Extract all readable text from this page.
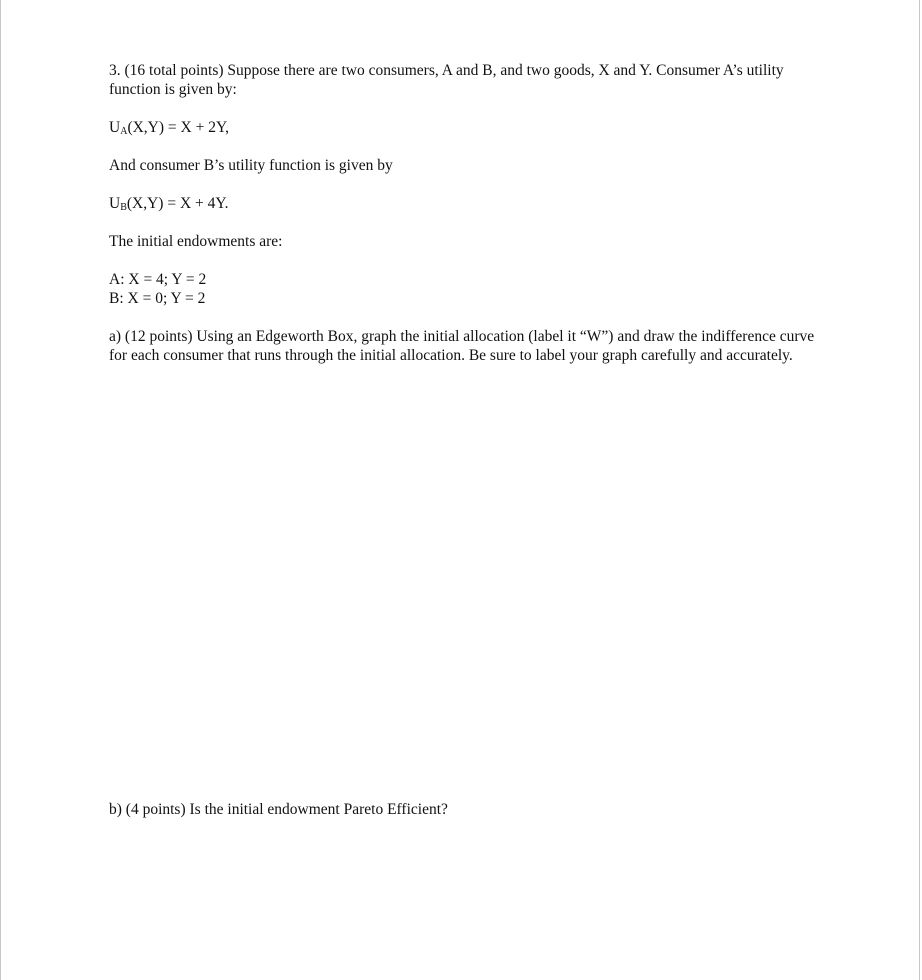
3. (16 total points) Suppose there are two consumers, A and B, and two goods, X and Y. Consumer A’s utility function is given by:

$U_A(X,Y) = X + 2Y$,

And consumer B’s utility function is given by

$U_B(X,Y) = X + 4Y$.

The initial endowments are:

A: X = 4; Y = 2
B: X = 0; Y = 2

a) (12 points) Using an Edgeworth Box, graph the initial allocation (label it “W”) and draw the indifference curve for each consumer that runs through the initial allocation. Be sure to label your graph carefully and accurately.

b) (4 points) Is the initial endowment Pareto Efficient?
